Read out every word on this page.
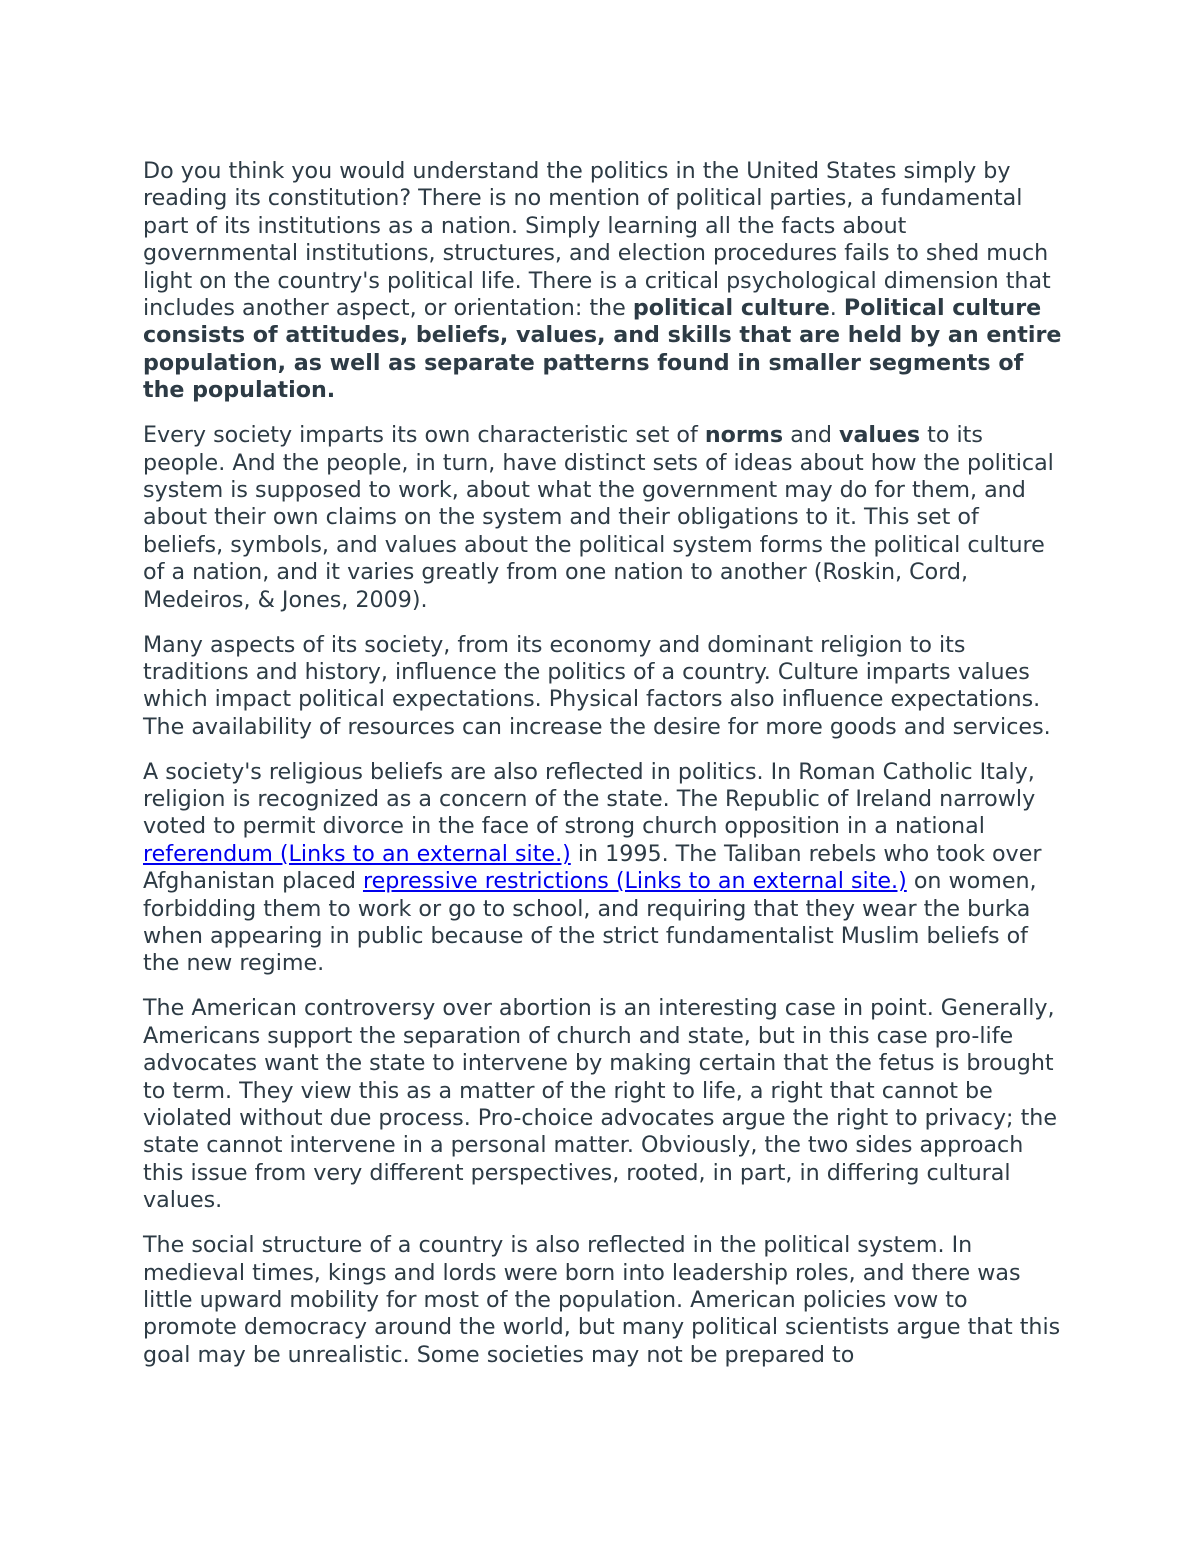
Do you think you would understand the politics in the United States simply by reading its constitution? There is no mention of political parties, a fundamental part of its institutions as a nation. Simply learning all the facts about governmental institutions, structures, and election procedures fails to shed much light on the country's political life. There is a critical psychological dimension that includes another aspect, or orientation: the political culture. Political culture consists of attitudes, beliefs, values, and skills that are held by an entire population, as well as separate patterns found in smaller segments of the population.

Every society imparts its own characteristic set of norms and values to its people. And the people, in turn, have distinct sets of ideas about how the political system is supposed to work, about what the government may do for them, and about their own claims on the system and their obligations to it. This set of beliefs, symbols, and values about the political system forms the political culture of a nation, and it varies greatly from one nation to another (Roskin, Cord, Medeiros, & Jones, 2009).

Many aspects of its society, from its economy and dominant religion to its traditions and history, influence the politics of a country. Culture imparts values which impact political expectations. Physical factors also influence expectations. The availability of resources can increase the desire for more goods and services.

A society's religious beliefs are also reflected in politics. In Roman Catholic Italy, religion is recognized as a concern of the state. The Republic of Ireland narrowly voted to permit divorce in the face of strong church opposition in a national referendum (Links to an external site.) in 1995. The Taliban rebels who took over Afghanistan placed repressive restrictions (Links to an external site.) on women, forbidding them to work or go to school, and requiring that they wear the burka when appearing in public because of the strict fundamentalist Muslim beliefs of the new regime.

The American controversy over abortion is an interesting case in point. Generally, Americans support the separation of church and state, but in this case pro-life advocates want the state to intervene by making certain that the fetus is brought to term. They view this as a matter of the right to life, a right that cannot be violated without due process. Pro-choice advocates argue the right to privacy; the state cannot intervene in a personal matter. Obviously, the two sides approach this issue from very different perspectives, rooted, in part, in differing cultural values.

The social structure of a country is also reflected in the political system. In medieval times, kings and lords were born into leadership roles, and there was little upward mobility for most of the population. American policies vow to promote democracy around the world, but many political scientists argue that this goal may be unrealistic. Some societies may not be prepared to
